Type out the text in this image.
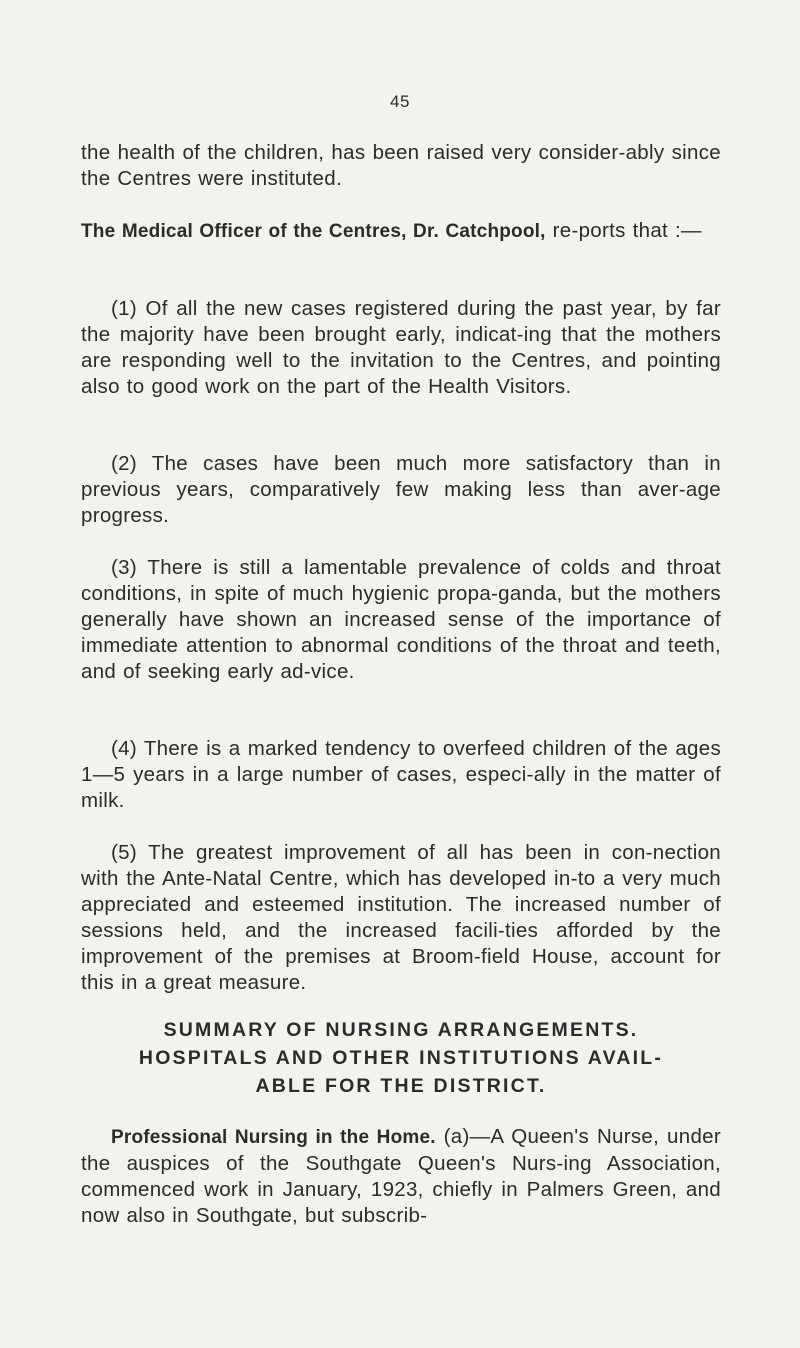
45

the health of the children, has been raised very consider-ably since the Centres were instituted.

The Medical Officer of the Centres, Dr. Catchpool, re-ports that :—

(1) Of all the new cases registered during the past year, by far the majority have been brought early, indicat-ing that the mothers are responding well to the invitation to the Centres, and pointing also to good work on the part of the Health Visitors.

(2) The cases have been much more satisfactory than in previous years, comparatively few making less than aver-age progress.

(3) There is still a lamentable prevalence of colds and throat conditions, in spite of much hygienic propa-ganda, but the mothers generally have shown an increased sense of the importance of immediate attention to abnormal conditions of the throat and teeth, and of seeking early ad-vice.

(4) There is a marked tendency to overfeed children of the ages 1—5 years in a large number of cases, especi-ally in the matter of milk.

(5) The greatest improvement of all has been in con-nection with the Ante-Natal Centre, which has developed in-to a very much appreciated and esteemed institution. The increased number of sessions held, and the increased facili-ties afforded by the improvement of the premises at Broom-field House, account for this in a great measure.

SUMMARY OF NURSING ARRANGEMENTS.
HOSPITALS AND OTHER INSTITUTIONS AVAIL-
ABLE FOR THE DISTRICT.

Professional Nursing in the Home. (a)—A Queen's Nurse, under the auspices of the Southgate Queen's Nurs-ing Association, commenced work in January, 1923, chiefly in Palmers Green, and now also in Southgate, but subscrib-
